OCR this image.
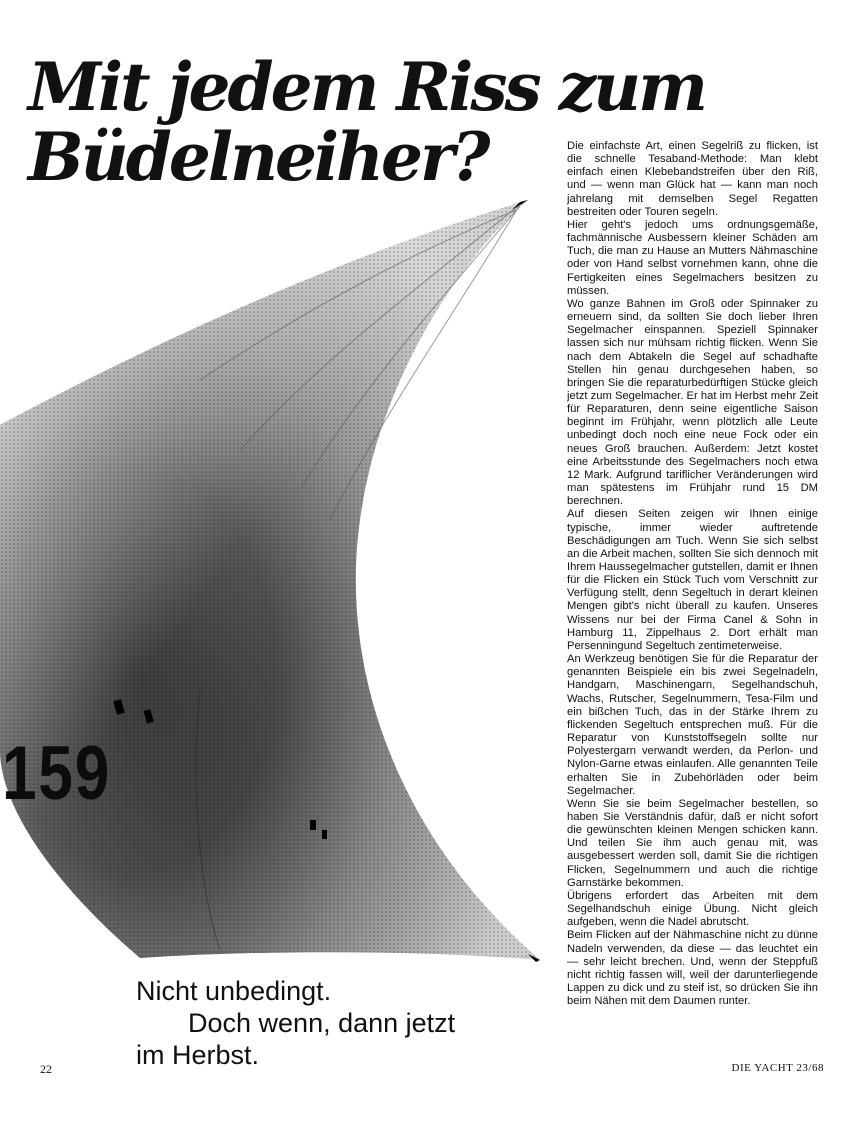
Mit jedem Riss zum
Büdelneiher?
159
Nicht unbedingt.
Doch wenn, dann jetzt
im Herbst.

Die einfachste Art, einen Segelriß zu flicken, ist die schnelle Tesaband-Methode: Man klebt einfach einen Klebebandstreifen über den Riß, und — wenn man Glück hat — kann man noch jahrelang mit demselben Segel Regatten bestreiten oder Touren segeln.

Hier geht's jedoch ums ordnungsgemäße, fachmännische Ausbessern kleiner Schäden am Tuch, die man zu Hause an Mutters Nähmaschine oder von Hand selbst vornehmen kann, ohne die Fertigkeiten eines Segelmachers besitzen zu müssen.

Wo ganze Bahnen im Groß oder Spinnaker zu erneuern sind, da sollten Sie doch lieber Ihren Segelmacher einspannen. Speziell Spinnaker lassen sich nur mühsam richtig flicken. Wenn Sie nach dem Abtakeln die Segel auf schadhafte Stellen hin genau durchgesehen haben, so bringen Sie die reparaturbedürftigen Stücke gleich jetzt zum Segelmacher. Er hat im Herbst mehr Zeit für Reparaturen, denn seine eigentliche Saison beginnt im Frühjahr, wenn plötzlich alle Leute unbedingt doch noch eine neue Fock oder ein neues Groß brauchen. Außerdem: Jetzt kostet eine Arbeitsstunde des Segelmachers noch etwa 12 Mark. Aufgrund tariflicher Veränderungen wird man spätestens im Frühjahr rund 15 DM berechnen.

Auf diesen Seiten zeigen wir Ihnen einige typische, immer wieder auftretende Beschädigungen am Tuch. Wenn Sie sich selbst an die Arbeit machen, sollten Sie sich dennoch mit Ihrem Haussegelmacher gutstellen, damit er Ihnen für die Flicken ein Stück Tuch vom Verschnitt zur Verfügung stellt, denn Segeltuch in derart kleinen Mengen gibt's nicht überall zu kaufen. Unseres Wissens nur bei der Firma Canel & Sohn in Hamburg 11, Zippelhaus 2. Dort erhält man Persenningund Segeltuch zentimeterweise.

An Werkzeug benötigen Sie für die Reparatur der genannten Beispiele ein bis zwei Segelnadeln, Handgarn, Maschinengarn, Segelhandschuh, Wachs, Rutscher, Segelnummern, Tesa-Film und ein bißchen Tuch, das in der Stärke Ihrem zu flickenden Segeltuch entsprechen muß. Für die Reparatur von Kunststoffsegeln sollte nur Polyestergarn verwandt werden, da Perlon- und Nylon-Garne etwas einlaufen. Alle genannten Teile erhalten Sie in Zubehörläden oder beim Segelmacher.

Wenn Sie sie beim Segelmacher bestellen, so haben Sie Verständnis dafür, daß er nicht sofort die gewünschten kleinen Mengen schicken kann. Und teilen Sie ihm auch genau mit, was ausgebessert werden soll, damit Sie die richtigen Flicken, Segelnummern und auch die richtige Garnstärke bekommen.

Übrigens erfordert das Arbeiten mit dem Segelhandschuh einige Übung. Nicht gleich aufgeben, wenn die Nadel abrutscht.

Beim Flicken auf der Nähmaschine nicht zu dünne Nadeln verwenden, da diese — das leuchtet ein — sehr leicht brechen. Und, wenn der Steppfuß nicht richtig fassen will, weil der darunterliegende Lappen zu dick und zu steif ist, so drücken Sie ihn beim Nähen mit dem Daumen runter.

22	DIE YACHT 23/68
